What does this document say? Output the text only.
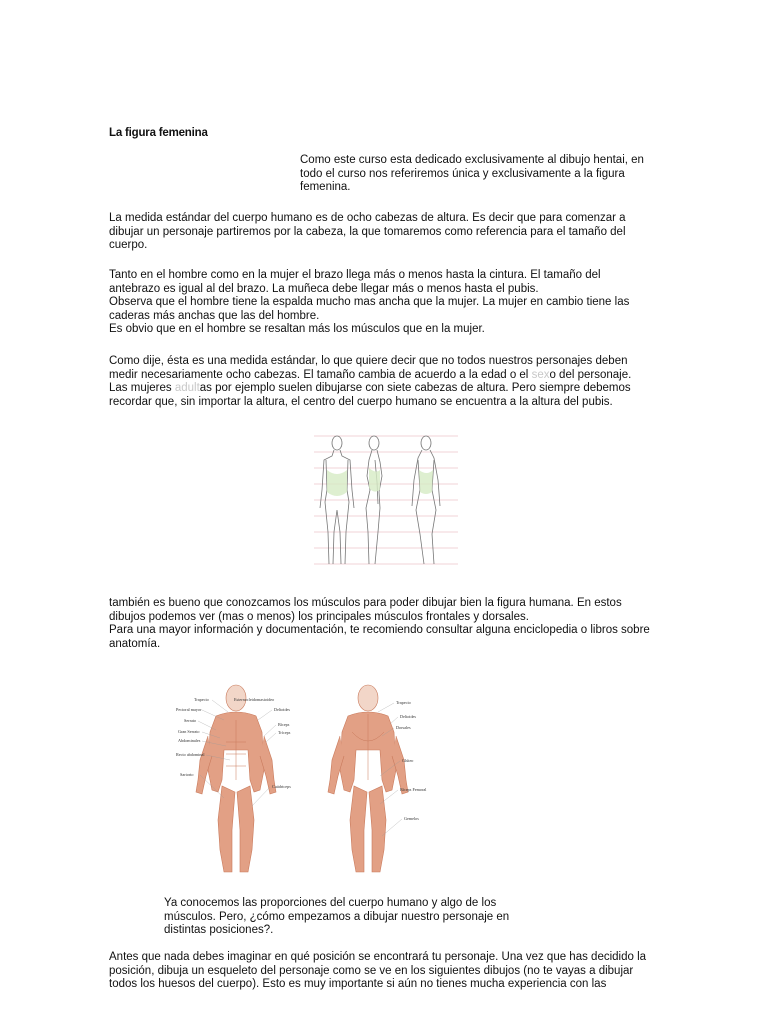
La figura femenina
Como este curso esta dedicado exclusivamente al dibujo hentai, en todo el curso nos referiremos única y exclusivamente a la figura femenina.
La medida estándar del cuerpo humano es de ocho cabezas de altura. Es decir que para comenzar a dibujar un personaje partiremos por la cabeza, la que tomaremos como referencia para el tamaño del cuerpo.
Tanto en el hombre como en la mujer el brazo llega más o menos hasta la cintura. El tamaño del antebrazo es igual al del brazo. La muñeca debe llegar más o menos hasta el pubis.
Observa que el hombre tiene la espalda mucho mas ancha que la mujer. La mujer en cambio tiene las caderas más anchas que las del hombre.
Es obvio que en el hombre se resaltan más los músculos que en la mujer.
Como dije, ésta es una medida estándar, lo que quiere decir que no todos nuestros personajes deben medir necesariamente ocho cabezas. El tamaño cambia de acuerdo a la edad o el sexo del personaje. Las mujeres adultas por ejemplo suelen dibujarse con siete cabezas de altura. Pero siempre debemos recordar que, sin importar la altura, el centro del cuerpo humano se encuentra a la altura del pubis.
también es bueno que conozcamos los músculos para poder dibujar bien la figura humana. En estos dibujos podemos ver (mas o menos) los principales músculos frontales y dorsales.
Para una mayor información y documentación, te recomiendo consultar alguna enciclopedia o libros sobre anatomía.
Trapecio
Pectoral mayor
Serrato
Gran Serrato
Abdominales
Recto abdominal
Sartorio
Esternocleidomastoideo
Deltoides
Bíceps
Tríceps
Cuádriceps
Trapecio
Deltoides
Dorsales
Glúteo
Bíceps Femoral
Gemelos
Ya conocemos las proporciones del cuerpo humano y algo de los músculos. Pero, ¿cómo empezamos a dibujar nuestro personaje en distintas posiciones?.
Antes que nada debes imaginar en qué posición se encontrará tu personaje. Una vez que has decidido la posición, dibuja un esqueleto del personaje como se ve en los siguientes dibujos (no te vayas a dibujar todos los huesos del cuerpo). Esto es muy importante si aún no tienes mucha experiencia con las
